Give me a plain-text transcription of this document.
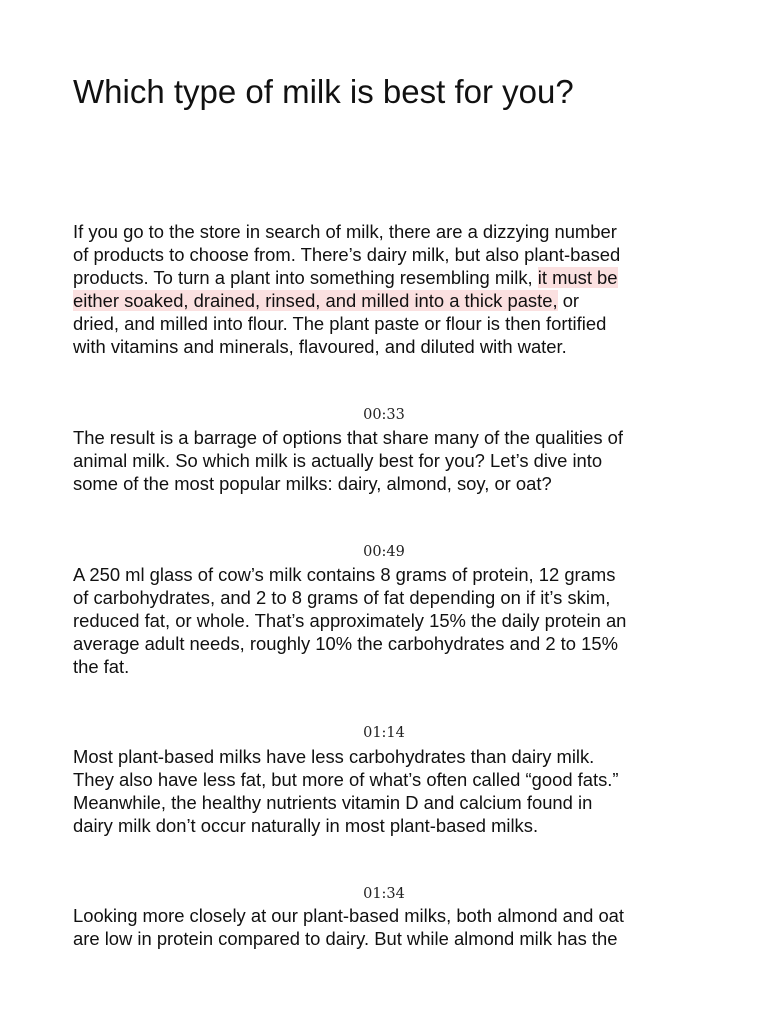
Which type of milk is best for you?

If you go to the store in search of milk, there are a dizzying number
of products to choose from. There’s dairy milk, but also plant-based
products. To turn a plant into something resembling milk, it must be
either soaked, drained, rinsed, and milled into a thick paste, or
dried, and milled into flour. The plant paste or flour is then fortified
with vitamins and minerals, flavoured, and diluted with water.

00:33

The result is a barrage of options that share many of the qualities of
animal milk. So which milk is actually best for you? Let’s dive into
some of the most popular milks: dairy, almond, soy, or oat?

00:49

A 250 ml glass of cow’s milk contains 8 grams of protein, 12 grams
of carbohydrates, and 2 to 8 grams of fat depending on if it’s skim,
reduced fat, or whole. That’s approximately 15% the daily protein an
average adult needs, roughly 10% the carbohydrates and 2 to 15%
the fat.

01:14

Most plant-based milks have less carbohydrates than dairy milk.
They also have less fat, but more of what’s often called “good fats.”
Meanwhile, the healthy nutrients vitamin D and calcium found in
dairy milk don’t occur naturally in most plant-based milks.

01:34

Looking more closely at our plant-based milks, both almond and oat
are low in protein compared to dairy. But while almond milk has the
